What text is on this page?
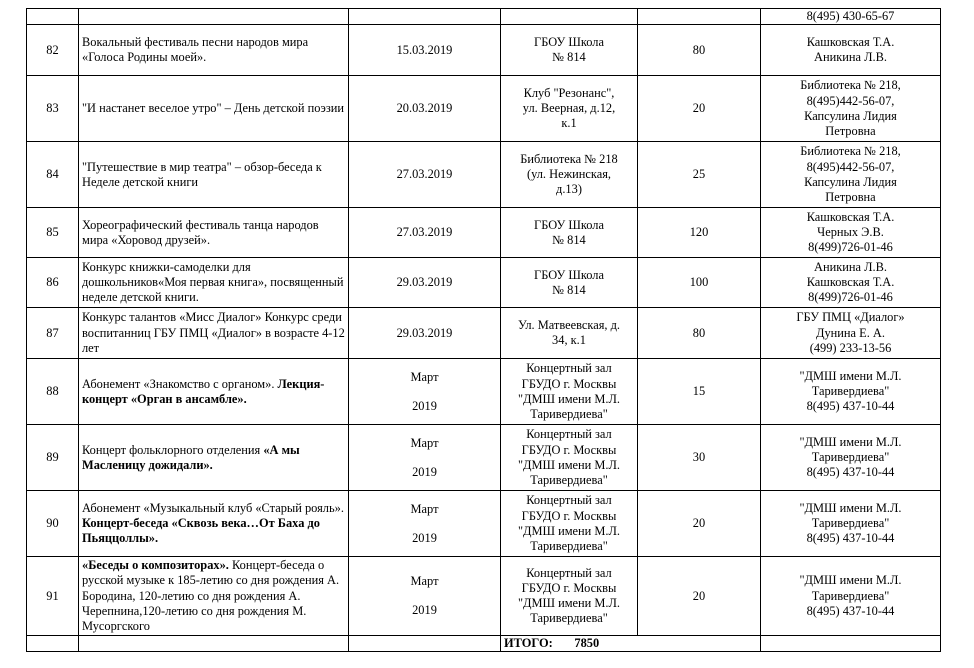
					8(495) 430-65-67
82	Вокальный фестиваль песни народов мира «Голоса Родины моей».	15.03.2019	ГБОУ Школа
№ 814	80	Кашковская Т.А.
Аникина Л.В.

83	"И настанет веселое утро" – День детской поэзии	20.03.2019	Клуб "Резонанс",
ул. Веерная, д.12,
к.1	20	Библиотека № 218,
8(495)442-56-07,
Капсулина Лидия
Петровна

84	"Путешествие в мир театра" – обзор-беседа к Неделе детской книги	27.03.2019	Библиотека № 218
(ул. Нежинская,
д.13)	25	Библиотека № 218,
8(495)442-56-07,
Капсулина Лидия
Петровна

85	Хореографический фестиваль танца народов мира «Хоровод друзей».	27.03.2019	ГБОУ Школа
№ 814	120	Кашковская Т.А.
Черных Э.В.
8(499)726-01-46

86	Конкурс книжки-самоделки для дошкольников«Моя первая книга», посвященный неделе детской книги.	29.03.2019	ГБОУ Школа
№ 814	100	Аникина Л.В.
Кашковская Т.А.
8(499)726-01-46

87	Конкурс талантов «Мисс Диалог» Конкурс среди воспитанниц ГБУ ПМЦ «Диалог» в возрасте 4-12 лет	29.03.2019	Ул. Матвеевская, д.
34, к.1	80	ГБУ ПМЦ «Диалог»
Дунина Е. А.
(499) 233-13-56

88	Абонемент «Знакомство с органом». Лекция-концерт «Орган в ансамбле».	Март
2019	Концертный зал
ГБУДО г. Москвы
"ДМШ имени М.Л.
Таривердиева"	15	"ДМШ имени М.Л.
Таривердиева"
8(495) 437-10-44

89	Концерт фольклорного отделения «А мы Масленицу дожидали».	Март
2019	Концертный зал
ГБУДО г. Москвы
"ДМШ имени М.Л.
Таривердиева"	30	"ДМШ имени М.Л.
Таривердиева"
8(495) 437-10-44

90	Абонемент «Музыкальный клуб «Старый рояль». Концерт-беседа «Сквозь века…От Баха до Пьяццоллы».	Март
2019	Концертный зал
ГБУДО г. Москвы
"ДМШ имени М.Л.
Таривердиева"	20	"ДМШ имени М.Л.
Таривердиева"
8(495) 437-10-44

91	«Беседы о композиторах». Концерт-беседа о русской музыке к 185-летию со дня рождения А. Бородина, 120-летию со дня рождения А. Черепнина,120-летию со дня рождения М. Мусоргского	Март
2019	Концертный зал
ГБУДО г. Москвы
"ДМШ имени М.Л.
Таривердиева"	20	"ДМШ имени М.Л.
Таривердиева"
8(495) 437-10-44

			ИТОГО: 7850		
